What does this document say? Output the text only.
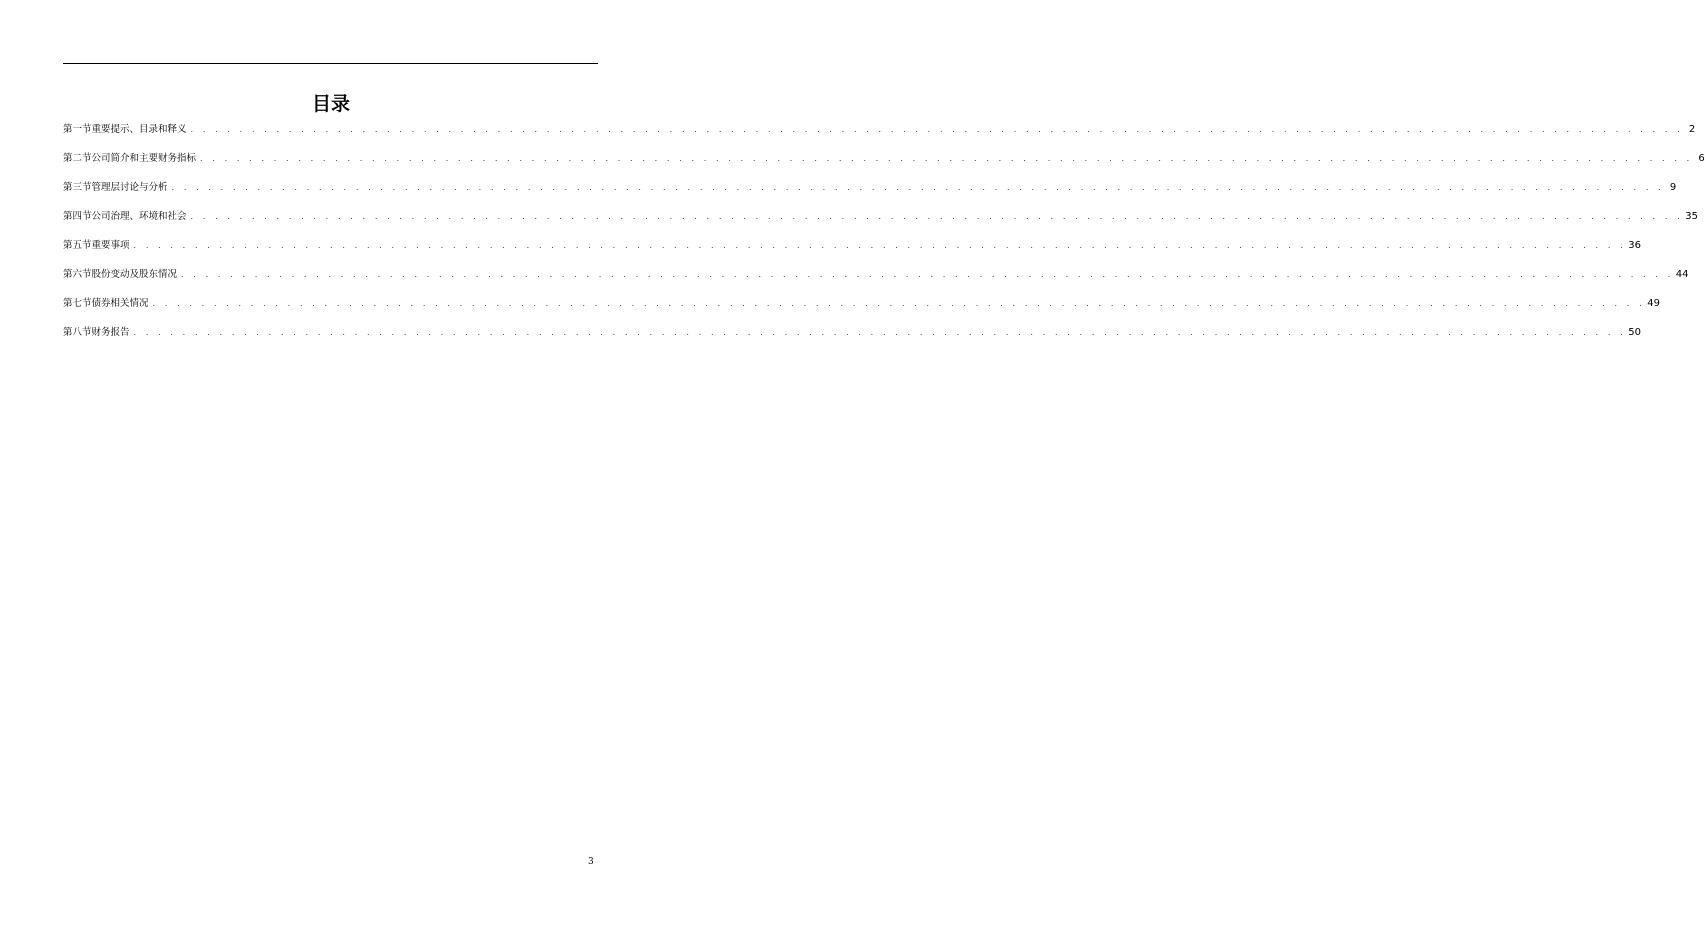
目录
第一节 重要提示、目录和释义 . . . . . . . . . . . . . . . . . . . . . . . . . . . . . . . . . . . . . . . . . . . . . . . . . . . . . . . . . . . . . . . . . . . . . . . . . . . . . . . . . . . . . . . . . . . . . . . . . . . . . . . . . . . . . . . . . . . . . . . . . . 2
第二节 公司简介和主要财务指标 . . . . . . . . . . . . . . . . . . . . . . . . . . . . . . . . . . . . . . . . . . . . . . . . . . . . . . . . . . . . . . . . . . . . . . . . . . . . . . . . . . . . . . . . . . . . . . . . . . . . . . . . . . . . . . . . . . . . . . . . . . 6
第三节 管理层讨论与分析 . . . . . . . . . . . . . . . . . . . . . . . . . . . . . . . . . . . . . . . . . . . . . . . . . . . . . . . . . . . . . . . . . . . . . . . . . . . . . . . . . . . . . . . . . . . . . . . . . . . . . . . . . . . . . . . . . . . . . . . . . . 9
第四节 公司治理、环境和社会 . . . . . . . . . . . . . . . . . . . . . . . . . . . . . . . . . . . . . . . . . . . . . . . . . . . . . . . . . . . . . . . . . . . . . . . . . . . . . . . . . . . . . . . . . . . . . . . . . . . . . . . . . . . . . . . . . . . . . . . . . . 35
第五节 重要事项 . . . . . . . . . . . . . . . . . . . . . . . . . . . . . . . . . . . . . . . . . . . . . . . . . . . . . . . . . . . . . . . . . . . . . . . . . . . . . . . . . . . . . . . . . . . . . . . . . . . . . . . . . . . . . . . . . . . . . . . . . . 36
第六节 股份变动及股东情况 . . . . . . . . . . . . . . . . . . . . . . . . . . . . . . . . . . . . . . . . . . . . . . . . . . . . . . . . . . . . . . . . . . . . . . . . . . . . . . . . . . . . . . . . . . . . . . . . . . . . . . . . . . . . . . . . . . . . . . . . . . 44
第七节 债券相关情况 . . . . . . . . . . . . . . . . . . . . . . . . . . . . . . . . . . . . . . . . . . . . . . . . . . . . . . . . . . . . . . . . . . . . . . . . . . . . . . . . . . . . . . . . . . . . . . . . . . . . . . . . . . . . . . . . . . . . . . . . . . 49
第八节 财务报告 . . . . . . . . . . . . . . . . . . . . . . . . . . . . . . . . . . . . . . . . . . . . . . . . . . . . . . . . . . . . . . . . . . . . . . . . . . . . . . . . . . . . . . . . . . . . . . . . . . . . . . . . . . . . . . . . . . . . . . . . . . 50
3
